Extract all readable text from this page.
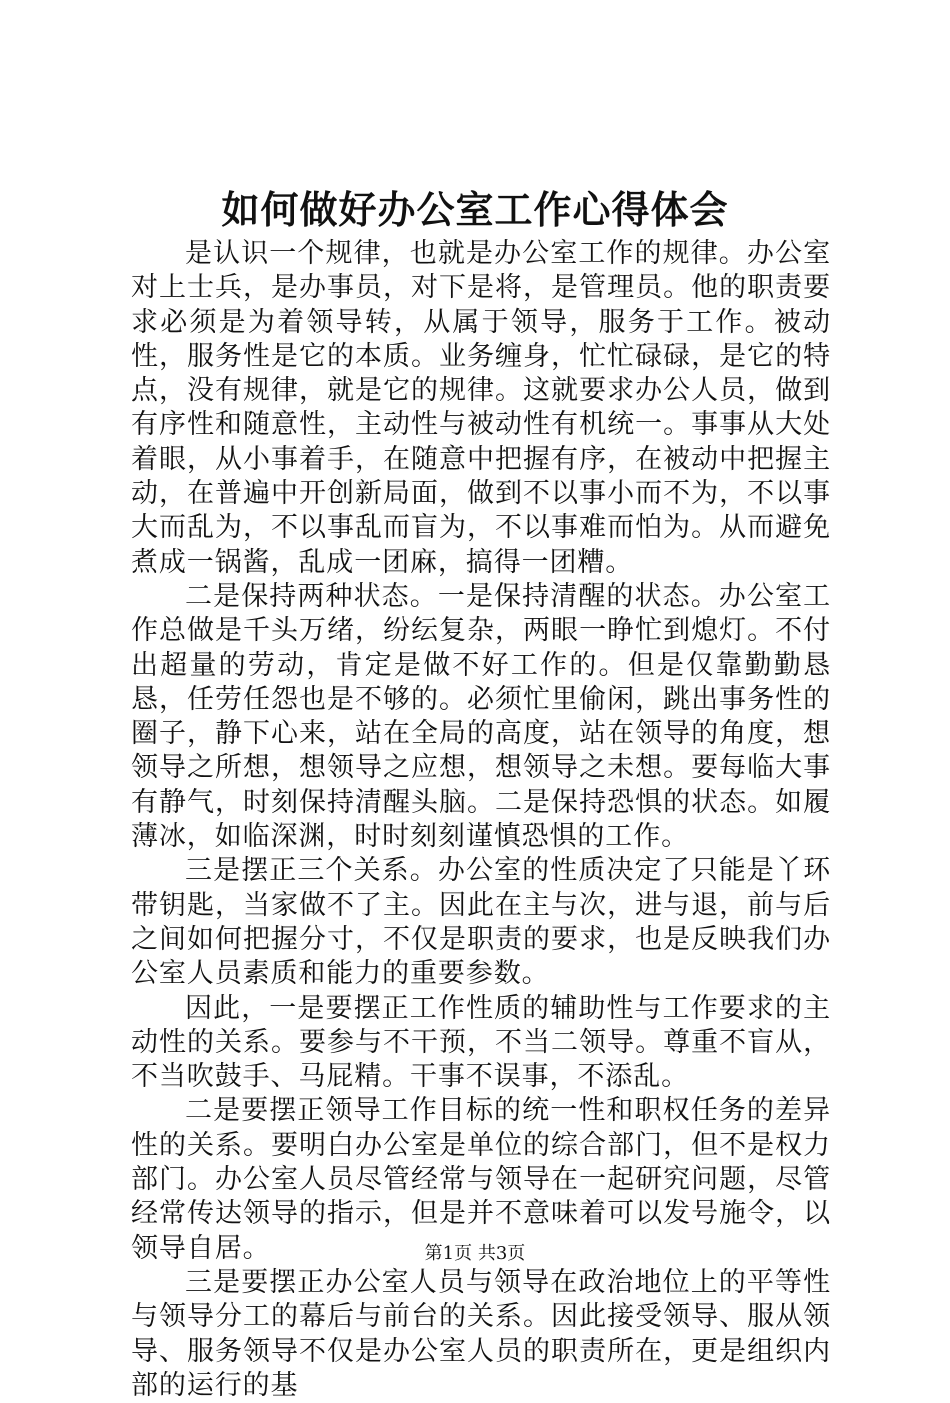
如何做好办公室工作心得体会

是认识一个规律，也就是办公室工作的规律。办公室对上士兵，是办事员，对下是将，是管理员。他的职责要求必须是为着领导转，从属于领导，服务于工作。被动性，服务性是它的本质。业务缠身，忙忙碌碌，是它的特点，没有规律，就是它的规律。这就要求办公人员，做到有序性和随意性，主动性与被动性有机统一。事事从大处着眼，从小事着手，在随意中把握有序，在被动中把握主动，在普遍中开创新局面，做到不以事小而不为，不以事大而乱为，不以事乱而盲为，不以事难而怕为。从而避免煮成一锅酱，乱成一团麻，搞得一团糟。

二是保持两种状态。一是保持清醒的状态。办公室工作总做是千头万绪，纷纭复杂，两眼一睁忙到熄灯。不付出超量的劳动，肯定是做不好工作的。但是仅靠勤勤恳恳，任劳任怨也是不够的。必须忙里偷闲，跳出事务性的圈子，静下心来，站在全局的高度，站在领导的角度，想领导之所想，想领导之应想，想领导之未想。要每临大事有静气，时刻保持清醒头脑。二是保持恐惧的状态。如履薄冰，如临深渊，时时刻刻谨慎恐惧的工作。

三是摆正三个关系。办公室的性质决定了只能是丫环带钥匙，当家做不了主。因此在主与次，进与退，前与后之间如何把握分寸，不仅是职责的要求，也是反映我们办公室人员素质和能力的重要参数。

因此，一是要摆正工作性质的辅助性与工作要求的主动性的关系。要参与不干预，不当二领导。尊重不盲从，不当吹鼓手、马屁精。干事不误事，不添乱。

二是要摆正领导工作目标的统一性和职权任务的差异性的关系。要明白办公室是单位的综合部门，但不是权力部门。办公室人员尽管经常与领导在一起研究问题，尽管经常传达领导的指示，但是并不意味着可以发号施令，以领导自居。

三是要摆正办公室人员与领导在政治地位上的平等性与领导分工的幕后与前台的关系。因此接受领导、服从领导、服务领导不仅是办公室人员的职责所在，更是组织内部的运行的基

第1页 共3页
